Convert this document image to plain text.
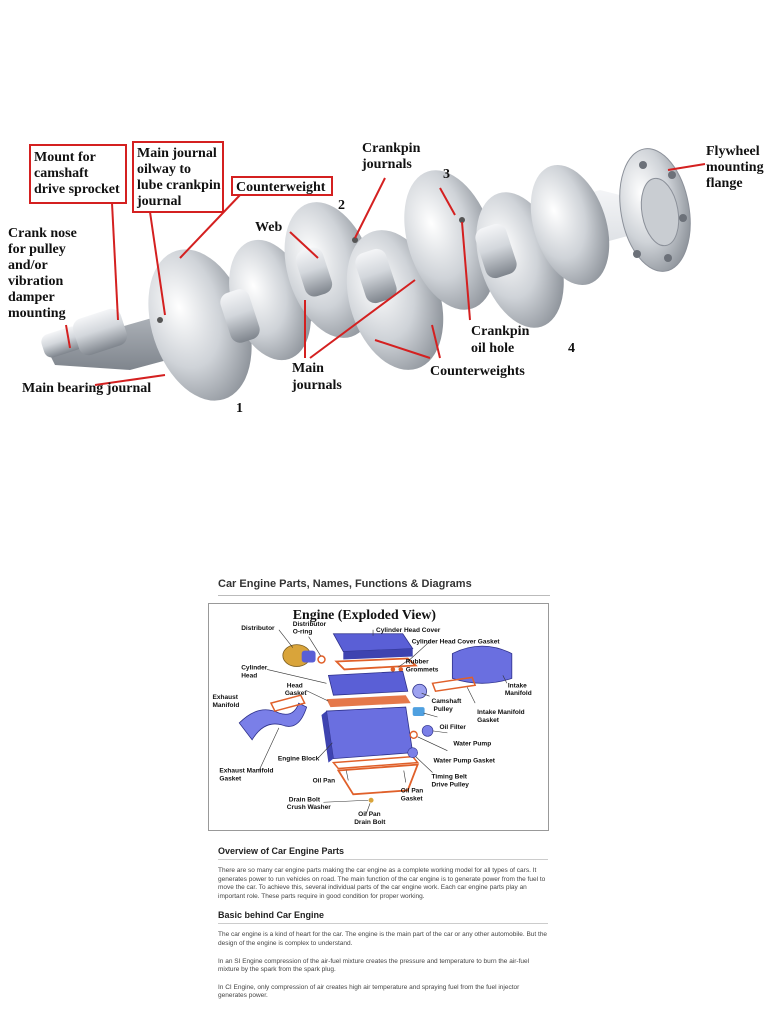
Mount for camshaft drive sprocket
Main journal oilway to lube crankpin journal
Counterweight
Crankpin journals
Flywheel mounting flange
Crank nose for pulley and/or vibration damper mounting
Web
Crankpin oil hole
Main journals
Counterweights
Main bearing journal
1
2
3
4
Car Engine Parts, Names, Functions & Diagrams
Engine (Exploded View)
Distributor
Distributor O-ring	Cylinder Head Cover
Cylinder Head Cover Gasket
Rubber Grommets
Cylinder Head
Head Gasket
Intake Manifold
Exhaust Manifold
Camshaft Pulley	Intake Manifold Gasket
Oil Filter
Water Pump
Engine Block	Water Pump Gasket
Exhaust Manifold Gasket	Oil Pan
Timing Belt Drive Pulley
Oil Pan Gasket
Drain Bolt Crush Washer
Oil Pan Drain Bolt
Overview of Car Engine Parts

There are so many car engine parts making the car engine as a complete working model for all types of cars. It generates power to run vehicles on road. The main function of the car engine is to generate power from the fuel to move the car. To achieve this, several individual parts of the car engine work. Each car engine parts play an important role. These parts require in good condition for proper working.

Basic behind Car Engine

The car engine is a kind of heart for the car. The engine is the main part of the car or any other automobile. But the design of the engine is complex to understand.

In an SI Engine compression of the air-fuel mixture creates the pressure and temperature to burn the air-fuel mixture by the spark from the spark plug.

In CI Engine, only compression of air creates high air temperature and spraying fuel from the fuel injector generates power.
